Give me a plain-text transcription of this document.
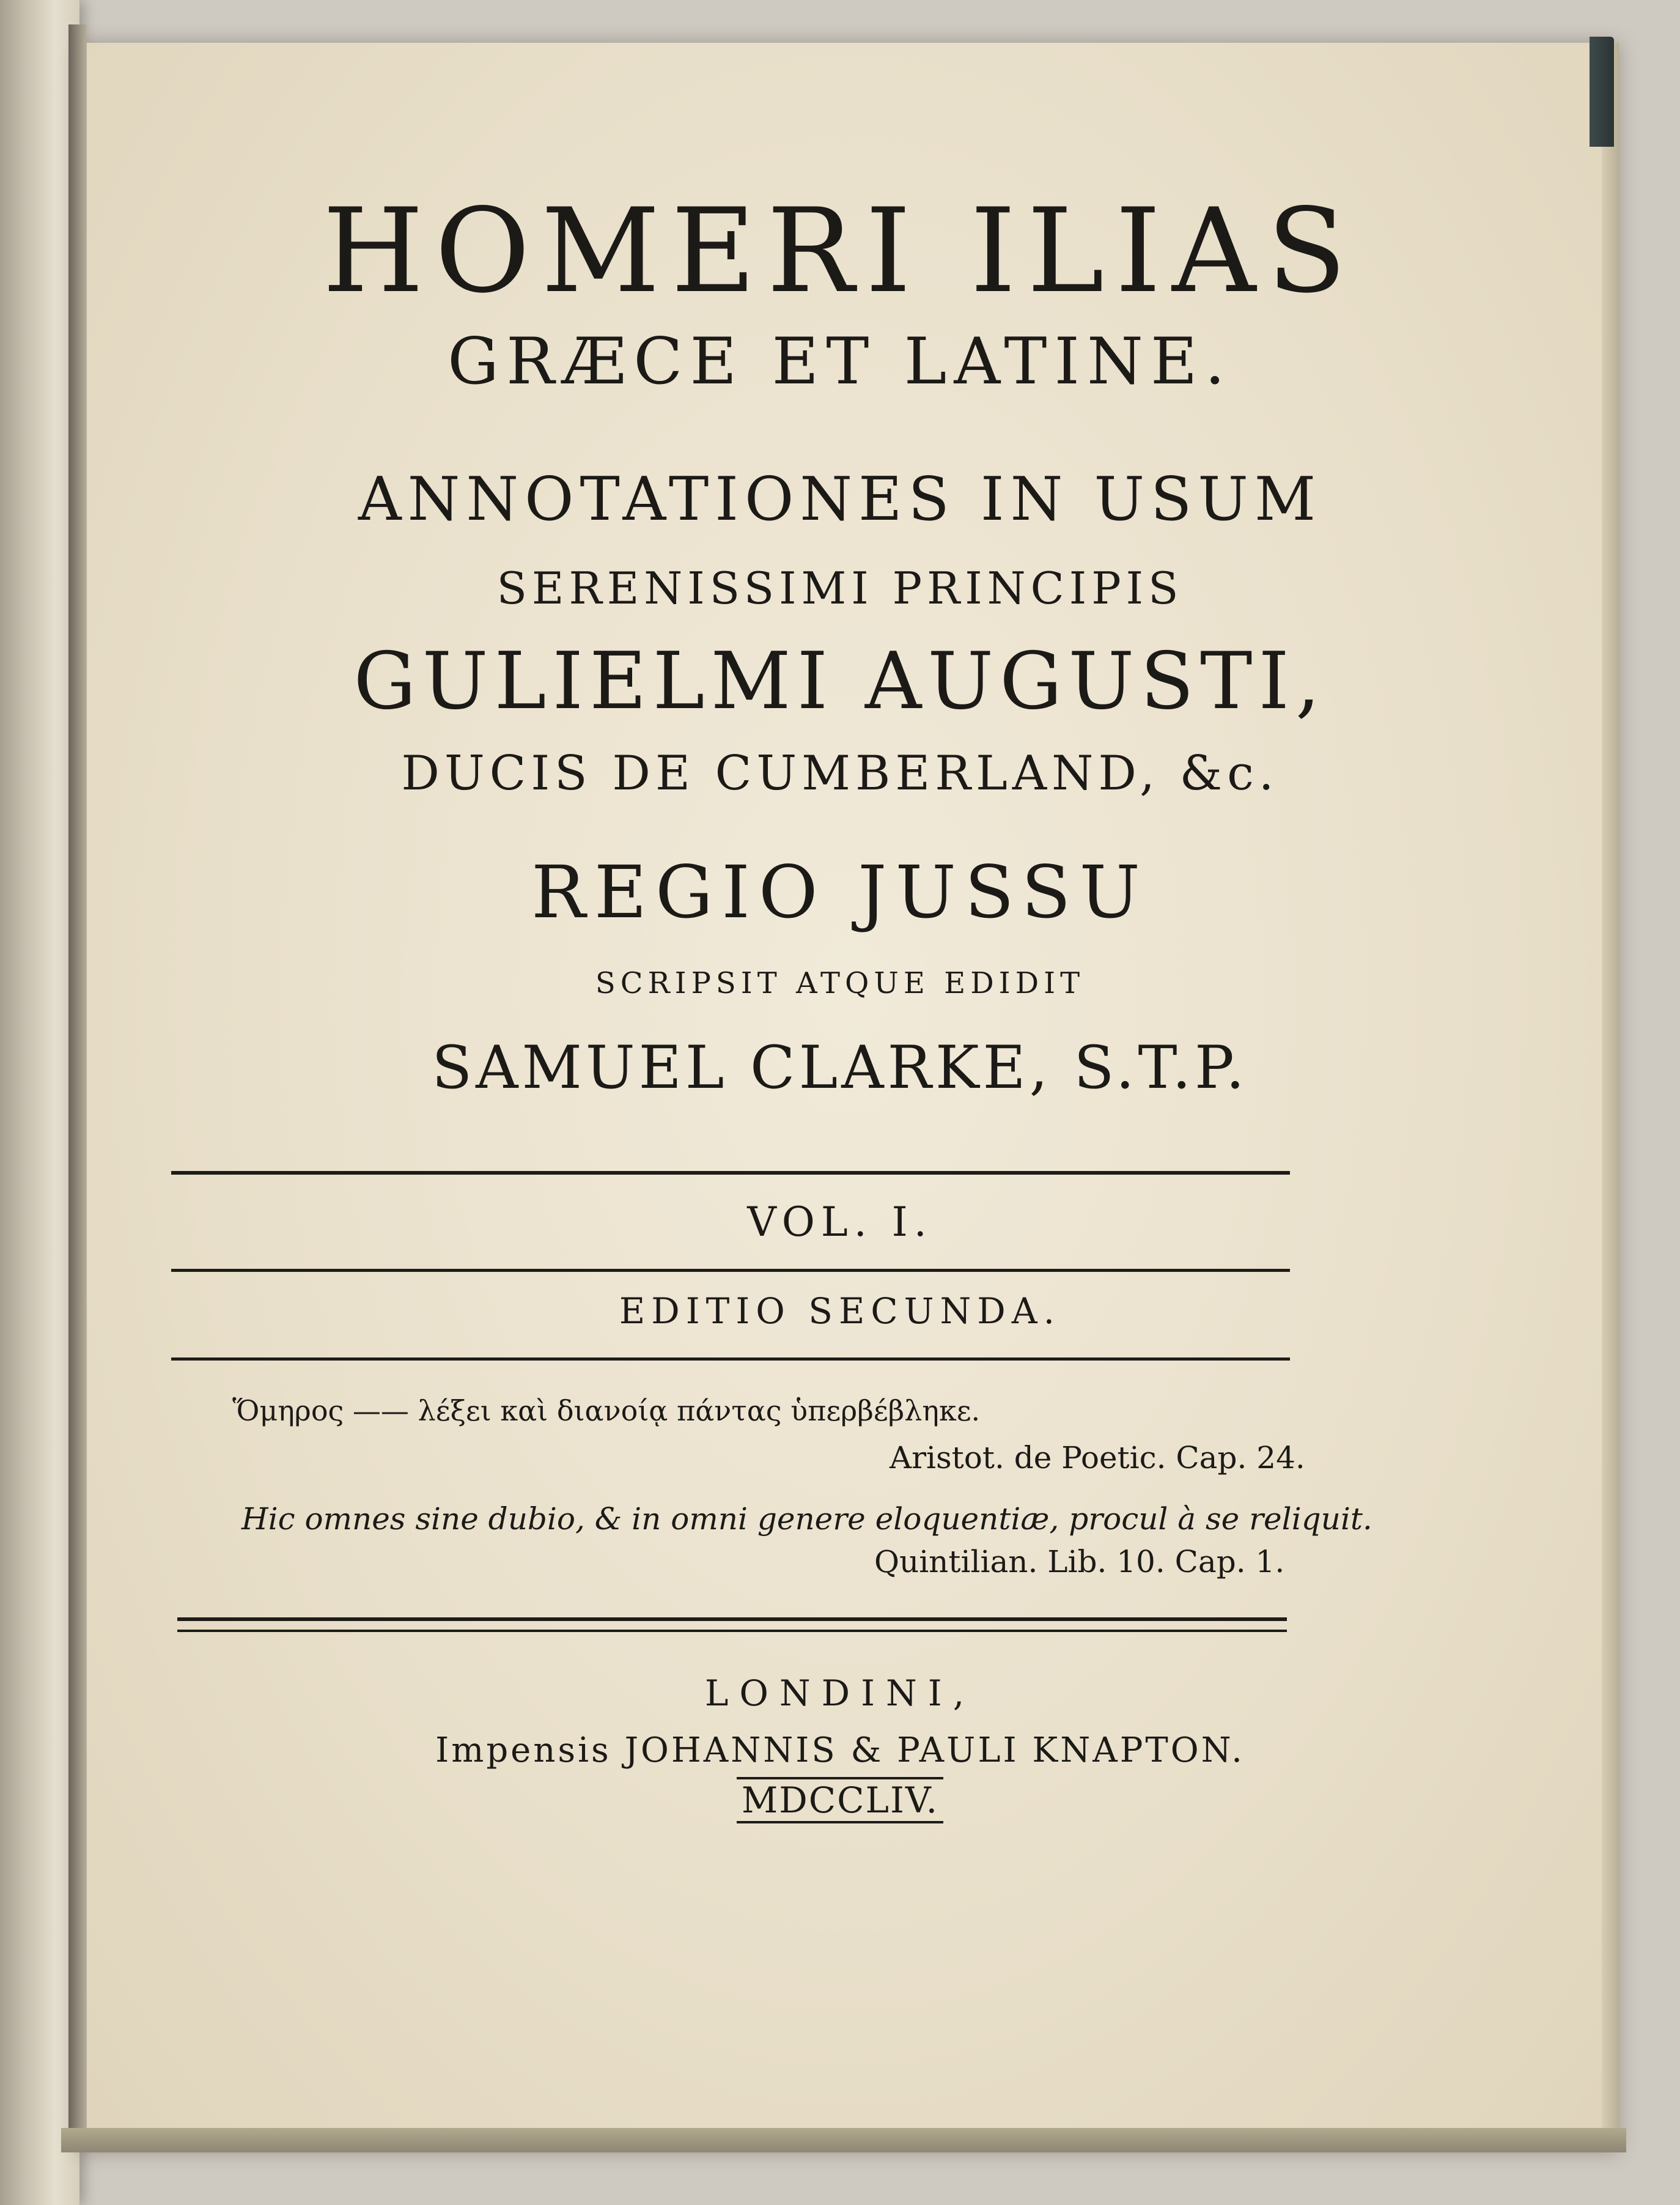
HOMERI ILIAS
GRÆCE ET LATINE.
ANNOTATIONES IN USUM
SERENISSIMI PRINCIPIS
GULIELMI AUGUSTI,
DUCIS DE CUMBERLAND, &c.
REGIO JUSSU
SCRIPSIT ATQUE EDIDIT
SAMUEL CLARKE, S.T.P.
VOL. I.
EDITIO SECUNDA.
Ὅμηρος —— λέξει καὶ διανοίᾳ πάντας ὑπερβέβληκε.
Aristot. de Poetic. Cap. 24.
Hic omnes sine dubio, & in omni genere eloquentiæ, procul à se reliquit.
Quintilian. Lib. 10. Cap. 1.
LONDINI,
Impensis JOHANNIS & PAULI KNAPTON.
MDCCLIV.
